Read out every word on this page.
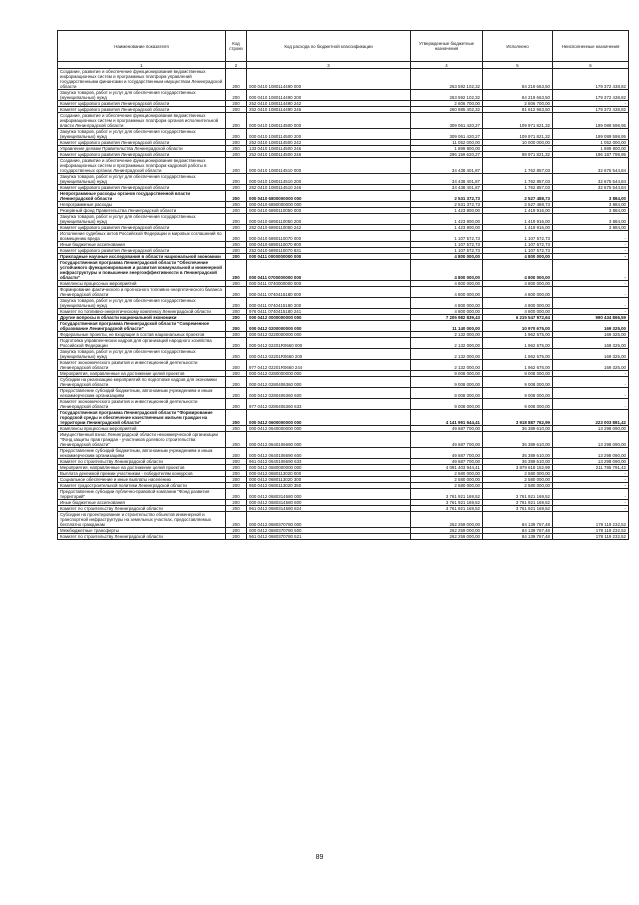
Наименование показателя	Код строки	Код расхода по бюджетной классификации	Утвержденные бюджетные назначения	Исполнено	Неисполненные назначения
1	2	3	4	5	6
Создание, развитие и обеспечение функционирования ведомственных информационных систем и программных платформ управлений государственными финансами и государственным имуществом Ленинградской области	200	000 0410 1080114490 000	263 592 102,32	84 219 663,50	179 372 438,82
Закупка товаров, работ и услуг для обеспечения государственных (муниципальных) нужд	200	000 0410 1080114490 200	263 592 102,32	84 219 663,50	179 372 438,82
Комитет цифрового развития Ленинградской области	200	252 0410 1080114490 242	2 606 700,00	2 606 700,00	-
Комитет цифрового развития Ленинградской области	200	252 0410 1080114490 246	260 985 402,32	81 612 963,50	179 372 438,82
Создание, развитие и обеспечение функционирования ведомственных информационных систем и программных платформ органов исполнительной власти Ленинградской области	200	000 0410 1080114500 000	309 061 420,27	109 971 821,32	199 089 598,95
Закупка товаров, работ и услуг для обеспечения государственных (муниципальных) нужд	200	000 0410 1080114500 200	309 061 420,27	109 971 821,32	199 089 598,95
Комитет цифрового развития Ленинградской области	200	252 0410 1080114500 242	11 052 000,00	10 000 000,00	1 052 000,00
Управление делами Правительства Ленинградской области	200	133 0410 1080114500 246	1 899 800,00	-	1 899 800,00
Комитет цифрового развития Ленинградской области	200	252 0410 1080114500 246	296 159 620,27	99 971 821,32	196 187 798,95
Создание, развитие и обеспечение функционирования ведомственных информационных систем и программных платформ кадровой работы в государственных органах Ленинградской области	200	000 0410 1080114510 000	34 438 401,87	1 762 857,03	32 675 544,84
Закупка товаров, работ и услуг для обеспечения государственных (муниципальных) нужд	200	000 0410 1080114510 200	34 438 401,87	1 762 857,03	32 675 544,84
Комитет цифрового развития Ленинградской области	200	252 0410 1080114510 246	34 438 401,87	1 762 857,03	32 675 544,84
Непрограммные расходы органов государственной власти Ленинградской области	200	000 0410 6800000000 000	2 531 372,73	2 527 488,73	3 884,00
Непрограммные расходы	200	000 0410 6890000000 000	2 531 372,73	2 527 488,73	3 884,00
Резервный фонд Правительства Ленинградской области	200	000 0410 6890110050 000	1 423 800,00	1 419 916,00	3 884,00
Закупка товаров, работ и услуг для обеспечения государственных (муниципальных) нужд	200	000 0410 6890110050 200	1 423 800,00	1 419 916,00	3 884,00
Комитет цифрового развития Ленинградской области	200	252 0410 6890110050 242	1 423 800,00	1 419 916,00	3 884,00
Исполнение судебных актов Российской Федерации и мировых соглашений по возмещению вреда	200	000 0410 6890110070 000	1 107 572,73	1 107 572,73	-
Иные бюджетные ассигнования	200	000 0410 6890110070 800	1 107 572,73	1 107 572,73	-
Комитет цифрового развития Ленинградской области	200	252 0410 6890110070 831	1 107 572,73	1 107 572,73	-
Прикладные научные исследования в области национальной экономики	200	000 0411 0000000000 000	4 800 000,00	4 800 000,00	-
Государственная программа Ленинградской области "Обеспечение устойчивого функционирования и развития коммунальной и инженерной инфраструктуры и повышение энергоэффективности в Ленинградской области"	200	000 0411 0700000000 000	4 800 000,00	4 800 000,00	-
Комплексы процессных мероприятий	200	000 0411 0740000000 000	4 800 000,00	4 800 000,00	-
Формирование фактического и прогнозного топливно-энергетического баланса Ленинградской области	200	000 0411 0740415180 000	4 800 000,00	4 800 000,00	-
Закупка товаров, работ и услуг для обеспечения государственных (муниципальных) нужд	200	000 0411 0740415180 200	4 800 000,00	4 800 000,00	-
Комитет по топливно-энергетическому комплексу Ленинградской области	200	976 0411 0740415180 241	4 800 000,00	4 800 000,00	-
Другие вопросы в области национальной экономики	200	000 0412 0000000000 000	7 205 982 839,43	6 215 547 972,64	990 434 866,59
Государственная программа Ленинградской области "Современное образование Ленинградской области"	200	000 0412 0200000000 000	11 140 000,00	10 970 675,00	169 325,00
Федеральные проекты, не входящие в состав национальных проектов	200	000 0412 0220000000 000	2 132 000,00	1 962 675,00	169 325,00
Подготовка управленческих кадров для организаций народного хозяйства Российской Федерации	200	000 0412 02201R0660 000	2 132 000,00	1 962 675,00	169 325,00
Закупка товаров, работ и услуг для обеспечения государственных (муниципальных) нужд	200	000 0412 02201R0660 200	2 132 000,00	1 962 675,00	169 325,00
Комитет экономического развития и инвестиционной деятельности Ленинградской области	200	977 0412 02201R0660 244	2 132 000,00	1 962 675,00	169 325,00
Мероприятия, направленные на достижение целей проектов	200	000 0412 0280000000 000	9 008 000,00	9 008 000,00	-
Субсидии на реализацию мероприятий по подготовке кадров для экономики Ленинградской области	200	000 0412 0280406360 000	9 008 000,00	9 008 000,00	-
Предоставление субсидий бюджетным, автономным учреждениям и иным некоммерческим организациям	200	000 0412 0280406360 600	9 008 000,00	9 008 000,00	-
Комитет экономического развития и инвестиционной деятельности Ленинградской области	200	977 0412 0280406360 633	9 008 000,00	9 008 000,00	-
Государственная программа Ленинградской области "Формирование городской среды и обеспечение качественным жильем граждан на территории Ленинградской области"	200	000 0412 0600000000 000	4 141 991 644,41	3 918 887 762,99	223 003 881,42
Комплексы процессных мероприятий	200	000 0412 0640000000 000	49 687 700,00	36 389 610,00	13 298 090,00
Имущественный взнос Ленинградской области некоммерческой организации "Фонд защиты прав граждан - участников долевого строительства Ленинградской области"	200	000 0412 0640106690 000	49 687 700,00	36 389 610,00	13 298 090,00
Предоставление субсидий бюджетным, автономным учреждениям и иным некоммерческим организациям	200	000 0412 0640106690 600	49 687 700,00	36 389 610,00	13 298 090,00
Комитет по строительству Ленинградской области	200	961 0412 0640106690 633	49 687 700,00	36 389 610,00	13 298 090,00
Мероприятия, направленные на достижение целей проектов	200	000 0412 0680000000 000	4 091 403 944,41	3 879 618 152,99	211 785 791,42
Выплата денежной премии участникам - победителям конкурсов	200	000 0412 0680113020 000	2 580 000,00	2 580 000,00	-
Социальное обеспечение и иные выплаты населению	200	000 0412 0680113020 300	2 580 000,00	2 580 000,00	-
Комитет градостроительной политики Ленинградской области	200	950 0412 0680113020 350	2 580 000,00	2 580 000,00	-
Предоставление субсидии публично-правовой компании "Фонд развития территорий"	200	000 0412 0680314580 000	3 761 921 169,52	3 761 921 169,52	-
Иные бюджетные ассигнования	200	000 0412 0680314580 800	3 761 921 169,52	3 761 921 169,52	-
Комитет по строительству Ленинградской области	200	961 0412 0680314580 824	3 761 921 169,52	3 761 921 169,52	-
Субсидии на проектирование и строительство объектов инженерной и транспортной инфраструктуры на земельных участках, предоставляемых бесплатно гражданам	200	000 0412 0680370780 000	262 259 000,00	84 139 767,48	178 119 232,52
Межбюджетные трансферты	200	000 0412 0680370780 500	262 259 000,00	84 139 767,48	178 119 232,52
Комитет по строительству Ленинградской области	200	961 0412 0680370780 521	262 259 000,00	84 139 767,48	178 119 232,52
89
